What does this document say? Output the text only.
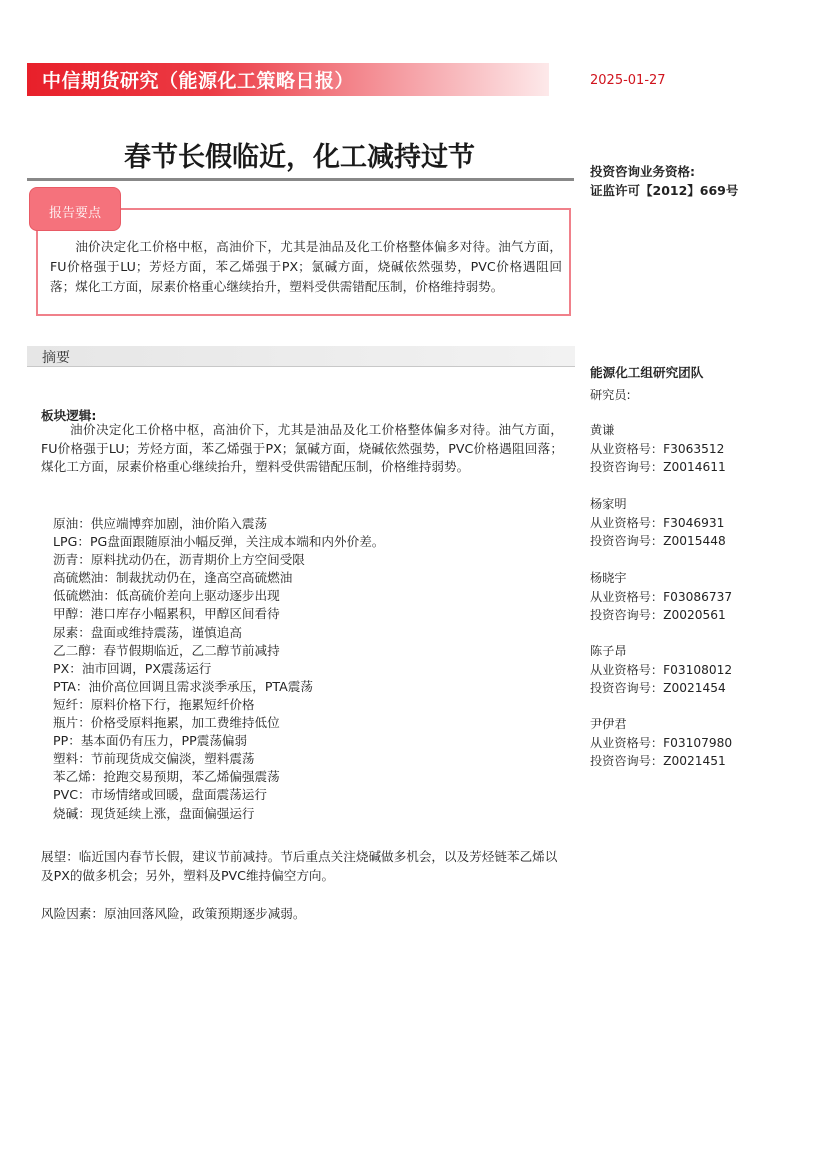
中信期货研究（能源化工策略日报）	2025-01-27
春节长假临近，化工减持过节	投资咨询业务资格:
证监许可【2012】669号
报告要点
油价决定化工价格中枢，高油价下，尤其是油品及化工价格整体偏多对待。油气方面，FU价格强于LU；芳烃方面，苯乙烯强于PX；氯碱方面，烧碱依然强势，PVC价格遇阻回落；煤化工方面，尿素价格重心继续抬升，塑料受供需错配压制，价格维持弱势。
摘要
板块逻辑:
油价决定化工价格中枢，高油价下，尤其是油品及化工价格整体偏多对待。油气方面，FU价格强于LU；芳烃方面，苯乙烯强于PX；氯碱方面，烧碱依然强势，PVC价格遇阻回落；煤化工方面，尿素价格重心继续抬升，塑料受供需错配压制，价格维持弱势。
原油：供应端博弈加剧，油价陷入震荡
LPG：PG盘面跟随原油小幅反弹，关注成本端和内外价差。
沥青：原料扰动仍在，沥青期价上方空间受限
高硫燃油：制裁扰动仍在，逢高空高硫燃油
低硫燃油：低高硫价差向上驱动逐步出现
甲醇：港口库存小幅累积，甲醇区间看待
尿素：盘面或维持震荡，谨慎追高
乙二醇：春节假期临近，乙二醇节前减持
PX：油市回调，PX震荡运行
PTA：油价高位回调且需求淡季承压，PTA震荡
短纤：原料价格下行，拖累短纤价格
瓶片：价格受原料拖累，加工费维持低位
PP：基本面仍有压力，PP震荡偏弱
塑料：节前现货成交偏淡，塑料震荡
苯乙烯：抢跑交易预期，苯乙烯偏强震荡
PVC：市场情绪或回暖，盘面震荡运行
烧碱：现货延续上涨，盘面偏强运行
展望：临近国内春节长假，建议节前减持。节后重点关注烧碱做多机会，以及芳烃链苯乙烯以及PX的做多机会；另外，塑料及PVC维持偏空方向。
风险因素：原油回落风险，政策预期逐步减弱。
能源化工组研究团队
研究员:
黄谦
从业资格号：F3063512
投资咨询号：Z0014611
杨家明
从业资格号：F3046931
投资咨询号：Z0015448
杨晓宇
从业资格号：F03086737
投资咨询号：Z0020561
陈子昂
从业资格号：F03108012
投资咨询号：Z0021454
尹伊君
从业资格号：F03107980
投资咨询号：Z0021451
